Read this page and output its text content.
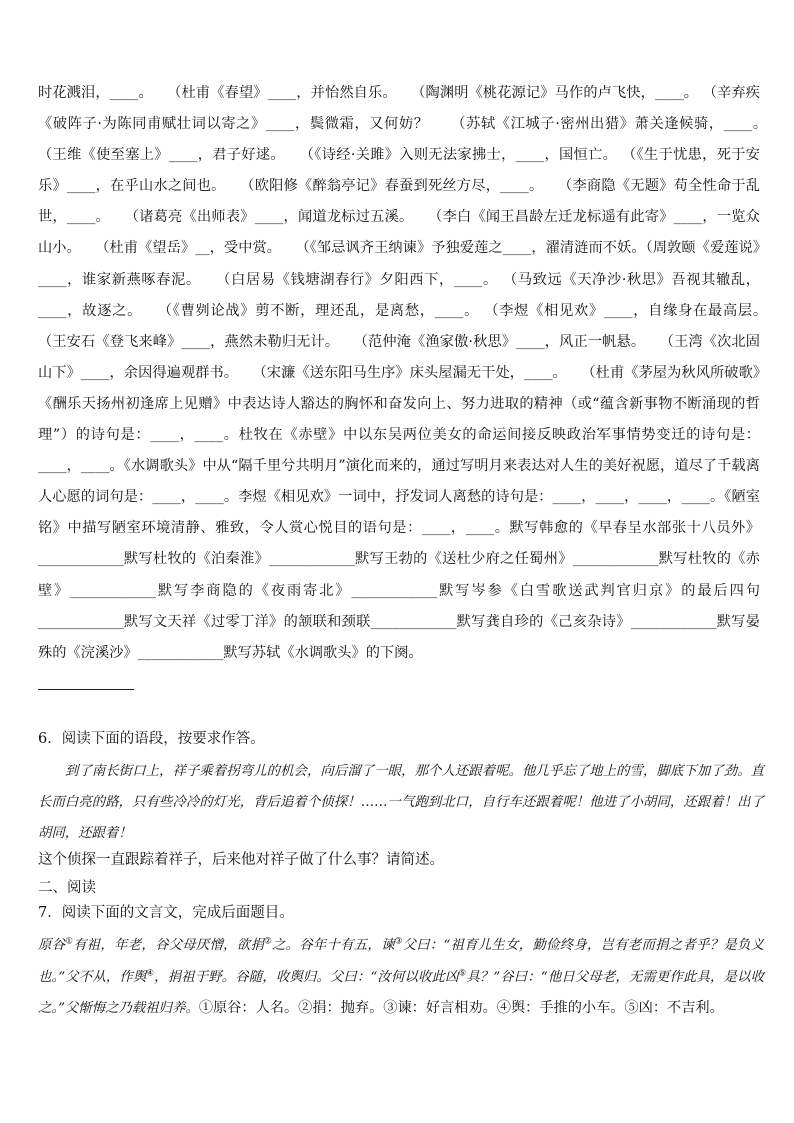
时花溅泪，____。　　（杜甫《春望》____，并怡然自乐。　　（陶渊明《桃花源记》马作的卢飞快，____。 （辛弃疾《破阵子·为陈同甫赋壮词以寄之》____，鬓微霜，又何妨？　　（苏轼《江城子·密州出猎》萧关逢候骑，____。　　（王维《使至塞上》____，君子好逑。　　（《诗经·关雎》入则无法家拂士，____，国恒亡。 （《生于忧患，死于安乐》____，在乎山水之间也。　　（欧阳修《醉翁亭记》春蚕到死丝方尽，____。　　（李商隐《无题》苟全性命于乱世，____。　　（诸葛亮《出师表》____，闻道龙标过五溪。　　（李白《闻王昌龄左迁龙标遥有此寄》____，一览众山小。　　（杜甫《望岳》__，受中赏。　　（《邹忌讽齐王纳谏》予独爱莲之____，濯清涟而不妖。（周敦颐《爱莲说》____，谁家新燕啄春泥。　　（白居易《钱塘湖春行》夕阳西下，____。 （马致远《天净沙·秋思》吾视其辙乱，____，故逐之。　　（《曹刿论战》剪不断，理还乱，是离愁，____。 （李煜《相见欢》____，自缘身在最高层。　　（王安石《登飞来峰》____，燕然未勒归无计。　　（范仲淹《渔家傲·秋思》____，风正一帆悬。　　（王湾《次北固山下》____，余因得遍观群书。　　（宋濂《送东阳马生序》床头屋漏无干处，____。　　（杜甫《茅屋为秋风所破歌》《酬乐天扬州初逢席上见赠》中表达诗人豁达的胸怀和奋发向上、努力进取的精神（或“蕴含新事物不断涌现的哲理”）的诗句是：____，____。杜牧在《赤壁》中以东吴两位美女的命运间接反映政治军事情势变迁的诗句是：____，____。《水调歌头》中从“隔千里兮共明月”演化而来的，通过写明月来表达对人生的美好祝愿，道尽了千载离人心愿的词句是：____，____。李煜《相见欢》一词中，抒发词人离愁的诗句是：____，____，____，____。《陋室铭》中描写陋室环境清静、雅致，令人赏心悦目的语句是：____，____。默写韩愈的《早春呈水部张十八员外》____________默写杜牧的《泊秦淮》____________默写王勃的《送杜少府之任蜀州》____________默写杜牧的《赤壁》____________默写李商隐的《夜雨寄北》____________默写岑参《白雪歌送武判官归京》的最后四句____________默写文天祥《过零丁洋》的颔联和颈联____________默写龚自珍的《己亥杂诗》____________默写晏殊的《浣溪沙》____________默写苏轼《水调歌头》的下阕。
6．阅读下面的语段，按要求作答。
到了南长街口上，祥子乘着拐弯儿的机会，向后溜了一眼，那个人还跟着呢。他几乎忘了地上的雪，脚底下加了劲。直长而白亮的路，只有些冷冷的灯光，背后追着个侦探！……一气跑到北口，自行车还跟着呢！他进了小胡同，还跟着！出了胡同，还跟着！
这个侦探一直跟踪着祥子，后来他对祥子做了什么事？请简述。
二、阅读
7．阅读下面的文言文，完成后面题目。
原谷①有祖，年老，谷父母厌憎，欲捐②之。谷年十有五，谏③父曰：“祖育儿生女，勤俭终身，岂有老而捐之者乎？是负义也。”父不从，作舆④，捐祖于野。谷随，收舆归。父曰：“汝何以收此凶⑤具？”谷曰：“他日父母老，无需更作此具，是以收之。”父惭悔之乃载祖归养。①原谷：人名。②捐：抛弃。③谏：好言相劝。④舆：手推的小车。⑤凶：不吉利。
